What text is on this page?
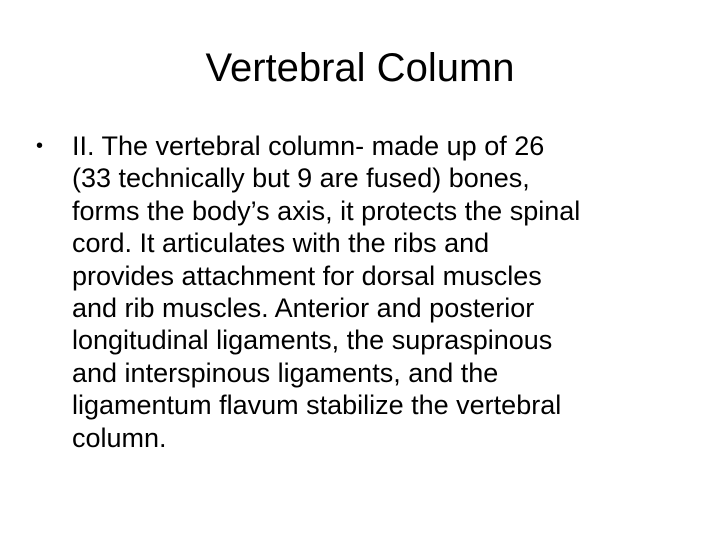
Vertebral Column
•	II. The vertebral column- made up of 26
(33 technically but 9 are fused) bones,
forms the body’s axis, it protects the spinal
cord. It articulates with the ribs and
provides attachment for dorsal muscles
and rib muscles. Anterior and posterior
longitudinal ligaments, the supraspinous
and interspinous ligaments, and the
ligamentum flavum stabilize the vertebral
column.
